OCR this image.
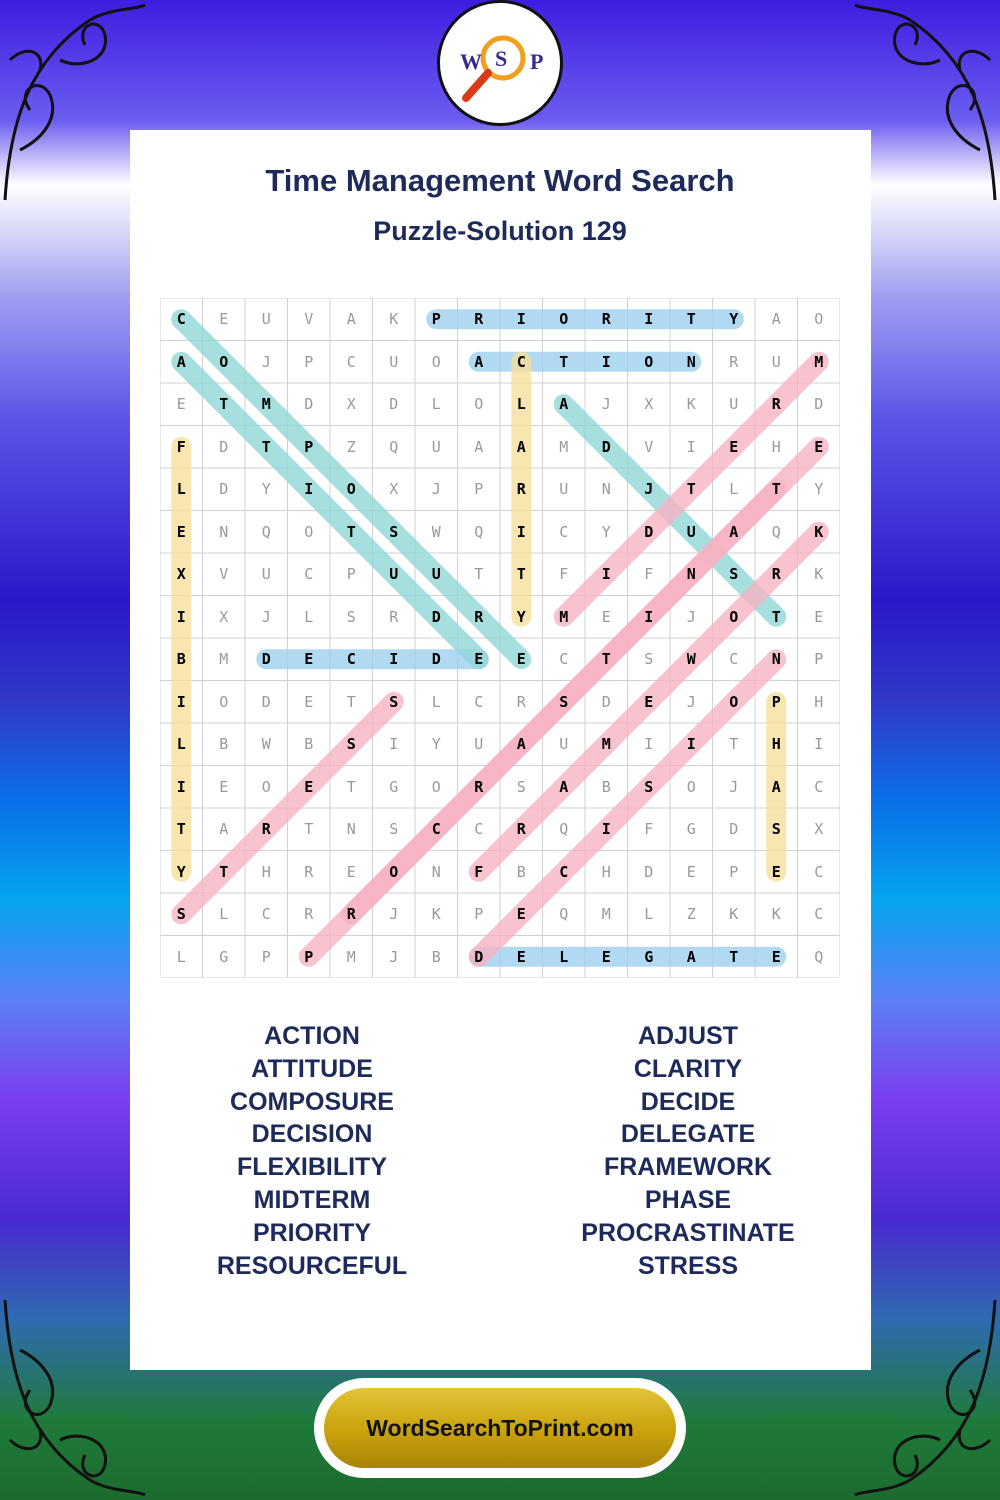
W S P
Time Management Word Search
Puzzle-Solution 129
C	E	U	V	A	K	P	R	I	O	R	I	T	Y	A	O
A	O	J	P	C	U	O	A	C	T	I	O	N	R	U	M
E	T	M	D	X	D	L	O	L	A	J	X	K	U	R	D
F	D	T	P	Z	Q	U	A	A	M	D	V	I	E	H	E
L	D	Y	I	O	X	J	P	R	U	N	J	T	L	T	Y
E	N	Q	O	T	S	W	Q	I	C	Y	D	U	A	Q	K
X	V	U	C	P	U	U	T	T	F	I	F	N	S	R	K
I	X	J	L	S	R	D	R	Y	M	E	I	J	O	T	E
B	M	D	E	C	I	D	E	E	C	T	S	W	C	N	P
I	O	D	E	T	S	L	C	R	S	D	E	J	O	P	H
L	B	W	B	S	I	Y	U	A	U	M	I	I	T	H	I
I	E	O	E	T	G	O	R	S	A	B	S	O	J	A	C
T	A	R	T	N	S	C	C	R	Q	I	F	G	D	S	X
Y	T	H	R	E	O	N	F	B	C	H	D	E	P	E	C
S	L	C	R	R	J	K	P	E	Q	M	L	Z	K	K	C
L	G	P	P	M	J	B	D	E	L	E	G	A	T	E	Q
ACTION
ATTITUDE
COMPOSURE
DECISION
FLEXIBILITY
MIDTERM
PRIORITY
RESOURCEFUL
ADJUST
CLARITY
DECIDE
DELEGATE
FRAMEWORK
PHASE
PROCRASTINATE
STRESS
WordSearchToPrint.com
